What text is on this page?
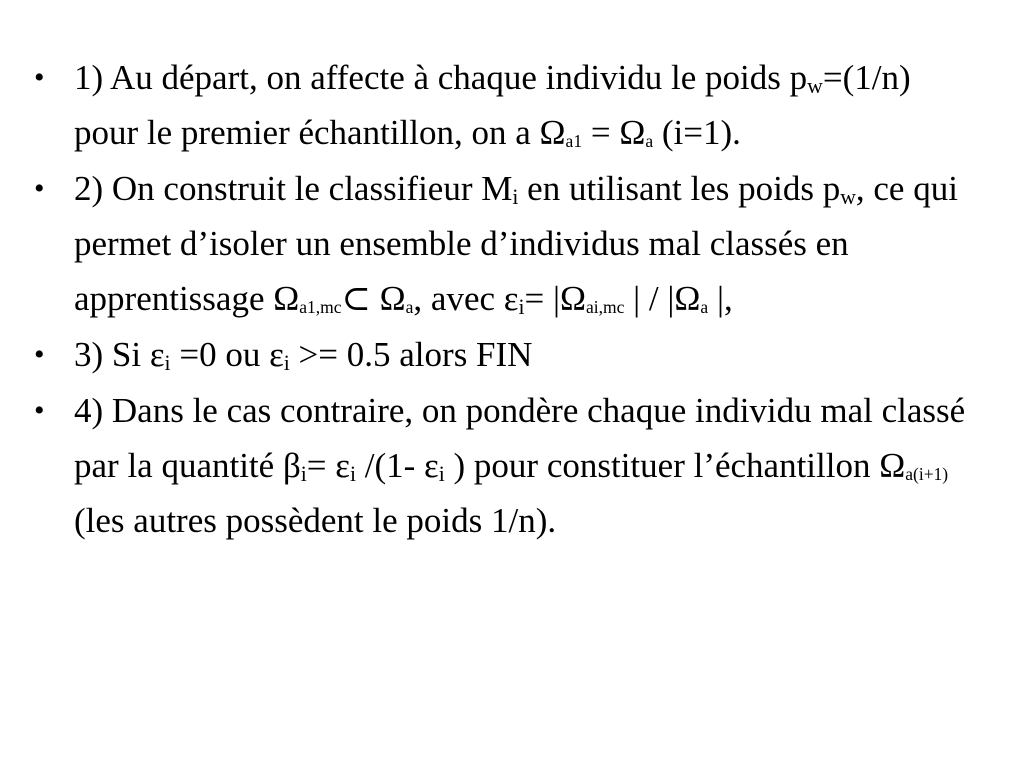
• 1) Au départ, on affecte à chaque individu le poids $p_w=(1/n)$ pour le premier échantillon, on a $\Omega_{a1} = \Omega_a$ (i=1).
• 2) On construit le classifieur $M_i$ en utilisant les poids $p_w$, ce qui permet d’isoler un ensemble d’individus mal classés en apprentissage $\Omega_{a1,mc}\subset$ $\Omega_a$, avec $\varepsilon_i= |\Omega_{ai,mc}$ | / $|\Omega_a$ |,
• 3) Si $\varepsilon_i =0$ ou $\varepsilon_i >= 0.5$ alors FIN
• 4) Dans le cas contraire, on pondère chaque individu mal classé par la quantité $\beta_i= \varepsilon_i$ /(1- $\varepsilon_i$ ) pour constituer l’échantillon $\Omega_{a(i+1)}$ (les autres possèdent le poids 1/n).
